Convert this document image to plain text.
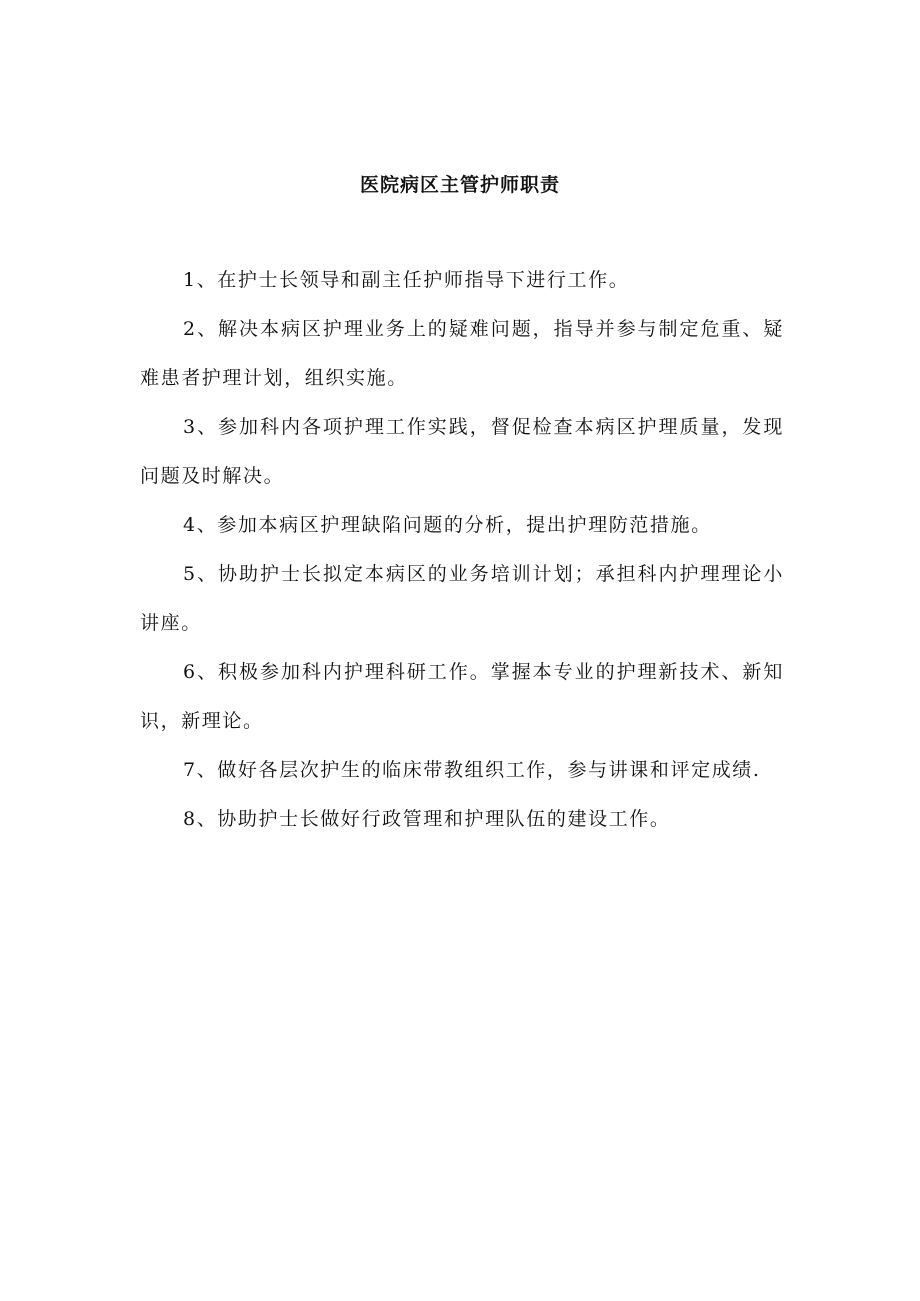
医院病区主管护师职责

1、在护士长领导和副主任护师指导下进行工作。

2、解决本病区护理业务上的疑难问题，指导并参与制定危重、疑难患者护理计划，组织实施。

3、参加科内各项护理工作实践，督促检查本病区护理质量，发现问题及时解决。

4、参加本病区护理缺陷问题的分析，提出护理防范措施。

5、协助护士长拟定本病区的业务培训计划；承担科内护理理论小讲座。

6、积极参加科内护理科研工作。掌握本专业的护理新技术、新知识，新理论。

7、做好各层次护生的临床带教组织工作，参与讲课和评定成绩.

8、协助护士长做好行政管理和护理队伍的建设工作。
